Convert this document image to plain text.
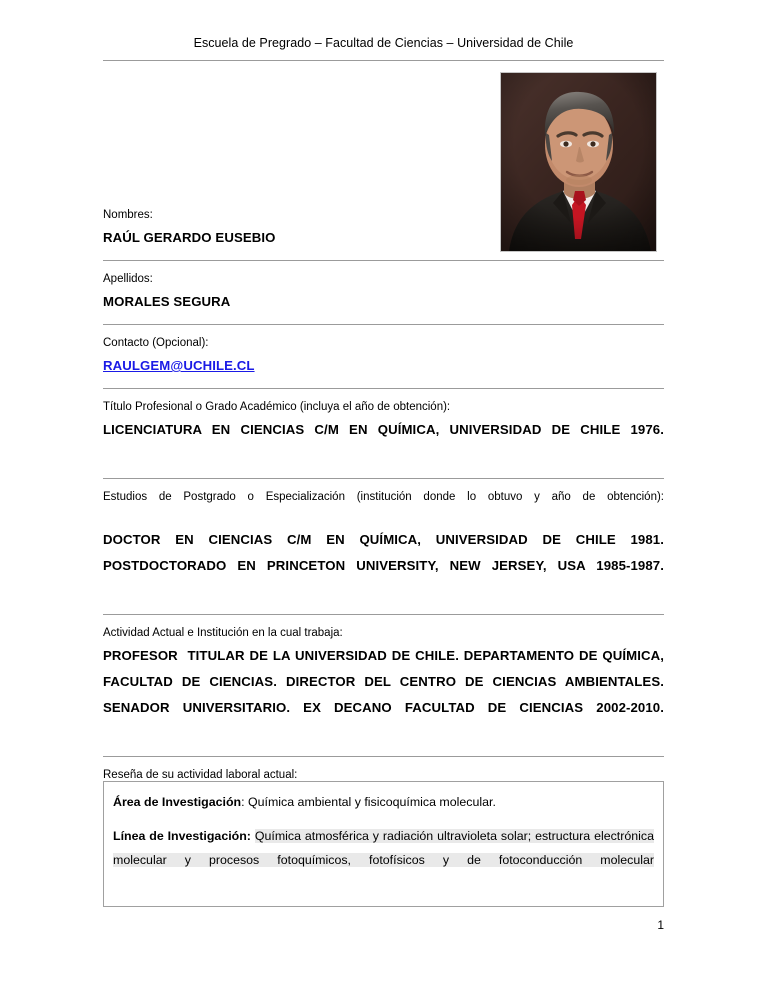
Escuela de Pregrado – Facultad de Ciencias – Universidad de Chile
Nombres:
RAÚL GERARDO EUSEBIO
Apellidos:
MORALES SEGURA
Contacto (Opcional):
RAULGEM@UCHILE.CL
Título Profesional o Grado Académico (incluya el año de obtención):
LICENCIATURA EN CIENCIAS C/M EN QUÍMICA, UNIVERSIDAD DE CHILE 1976.
Estudios de Postgrado o Especialización (institución donde lo obtuvo y año de obtención):
DOCTOR EN CIENCIAS C/M EN QUÍMICA, UNIVERSIDAD DE CHILE 1981. POSTDOCTORADO EN PRINCETON UNIVERSITY, NEW JERSEY, USA 1985-1987.
Actividad Actual e Institución en la cual trabaja:
PROFESOR  TITULAR DE LA UNIVERSIDAD DE CHILE. DEPARTAMENTO DE QUÍMICA, FACULTAD DE CIENCIAS. DIRECTOR DEL CENTRO DE CIENCIAS AMBIENTALES. SENADOR UNIVERSITARIO. EX DECANO FACULTAD DE CIENCIAS 2002-2010.
Reseña de su actividad laboral actual:
Área de Investigación: Química ambiental y fisicoquímica molecular.
Línea de Investigación: Química atmosférica y radiación ultravioleta solar; estructura electrónica molecular y procesos fotoquímicos, fotofísicos y de fotoconducción molecular
1
